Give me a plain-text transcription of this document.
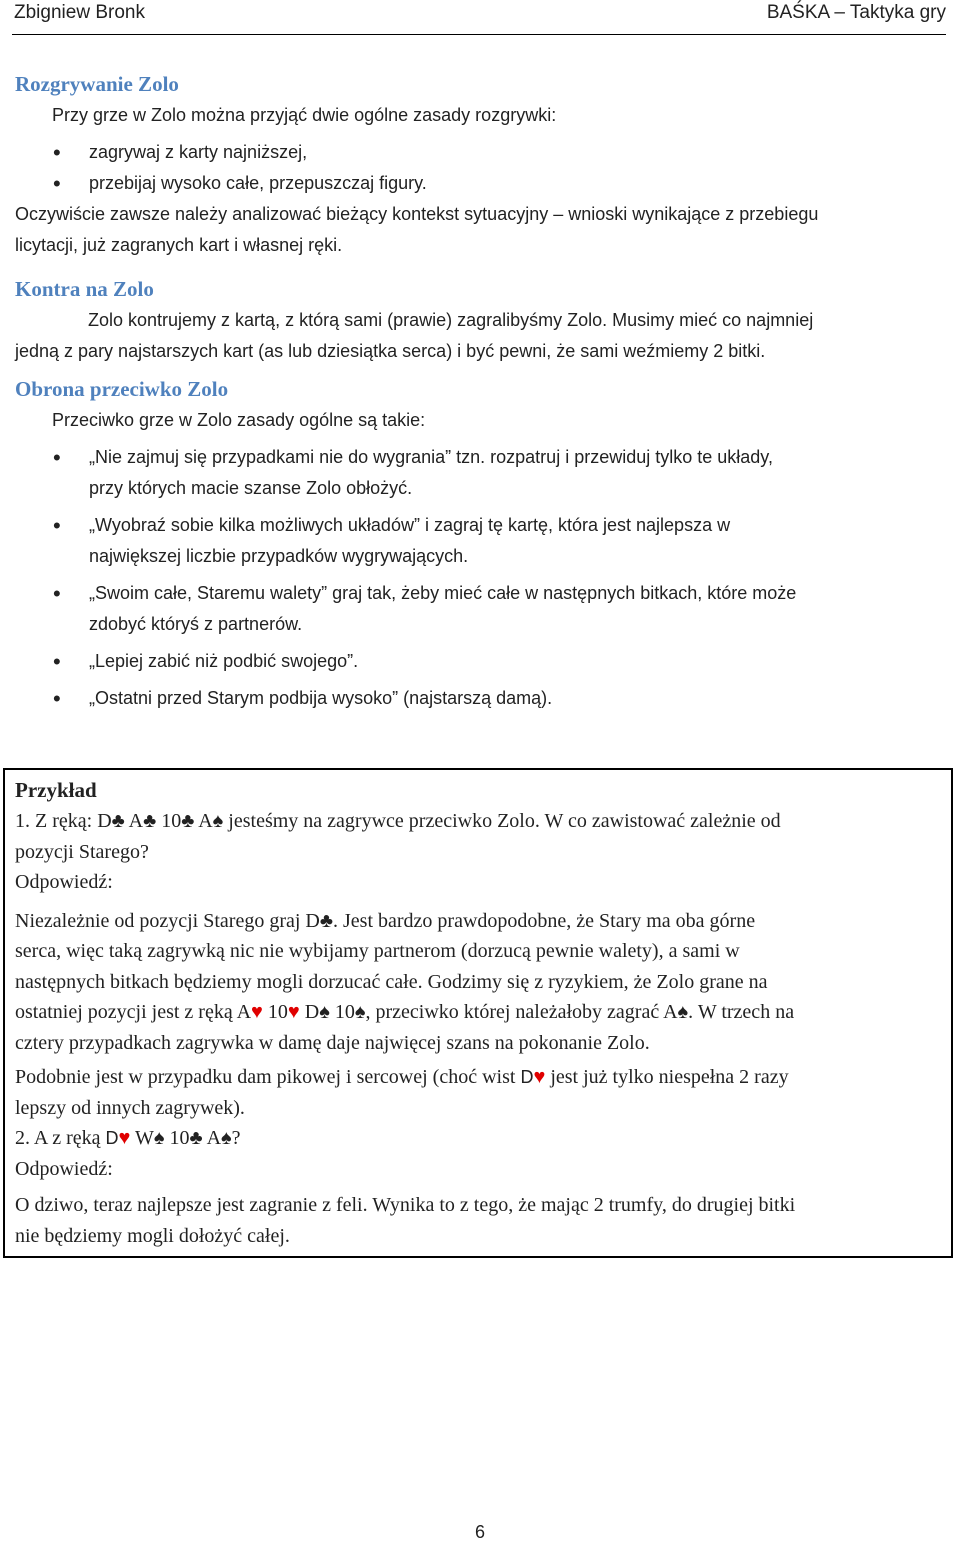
Zbigniew Bronk	BAŚKA – Taktyka gry
Rozgrywanie Zolo
Przy grze w Zolo można przyjąć dwie ogólne zasady rozgrywki:
• zagrywaj z karty najniższej,
• przebijaj wysoko całe, przepuszczaj figury.
Oczywiście zawsze należy analizować bieżący kontekst sytuacyjny – wnioski wynikające z przebiegu
licytacji, już zagranych kart i własnej ręki.
Kontra na Zolo
Zolo kontrujemy z kartą, z którą sami (prawie) zagralibyśmy Zolo. Musimy mieć co najmniej
jedną z pary najstarszych kart (as lub dziesiątka serca) i być pewni, że sami weźmiemy 2 bitki.
Obrona przeciwko Zolo
Przeciwko grze w Zolo zasady ogólne są takie:
• „Nie zajmuj się przypadkami nie do wygrania” tzn. rozpatruj i przewiduj tylko te układy,
przy których macie szanse Zolo obłożyć.
• „Wyobraź sobie kilka możliwych układów” i zagraj tę kartę, która jest najlepsza w
największej liczbie przypadków wygrywających.
• „Swoim całe, Staremu walety” graj tak, żeby mieć całe w następnych bitkach, które może
zdobyć któryś z partnerów.
• „Lepiej zabić niż podbić swojego”.
• „Ostatni przed Starym podbija wysoko” (najstarszą damą).
Przykład
1. Z ręką: D♣ A♣ 10♣ A♠ jesteśmy na zagrywce przeciwko Zolo. W co zawistować zależnie od
pozycji Starego?
Odpowiedź:
Niezależnie od pozycji Starego graj D♣. Jest bardzo prawdopodobne, że Stary ma oba górne
serca, więc taką zagrywką nic nie wybijamy partnerom (dorzucą pewnie walety), a sami w
następnych bitkach będziemy mogli dorzucać całe. Godzimy się z ryzykiem, że Zolo grane na
ostatniej pozycji jest z ręką A♥ 10♥ D♠ 10♠, przeciwko której należałoby zagrać A♠. W trzech na
cztery przypadkach zagrywka w damę daje najwięcej szans na pokonanie Zolo.
Podobnie jest w przypadku dam pikowej i sercowej (choć wist D♥ jest już tylko niespełna 2 razy
lepszy od innych zagrywek).
2. A z ręką D♥ W♠ 10♣ A♠?
Odpowiedź:
O dziwo, teraz najlepsze jest zagranie z feli. Wynika to z tego, że mając 2 trumfy, do drugiej bitki
nie będziemy mogli dołożyć całej.
6
